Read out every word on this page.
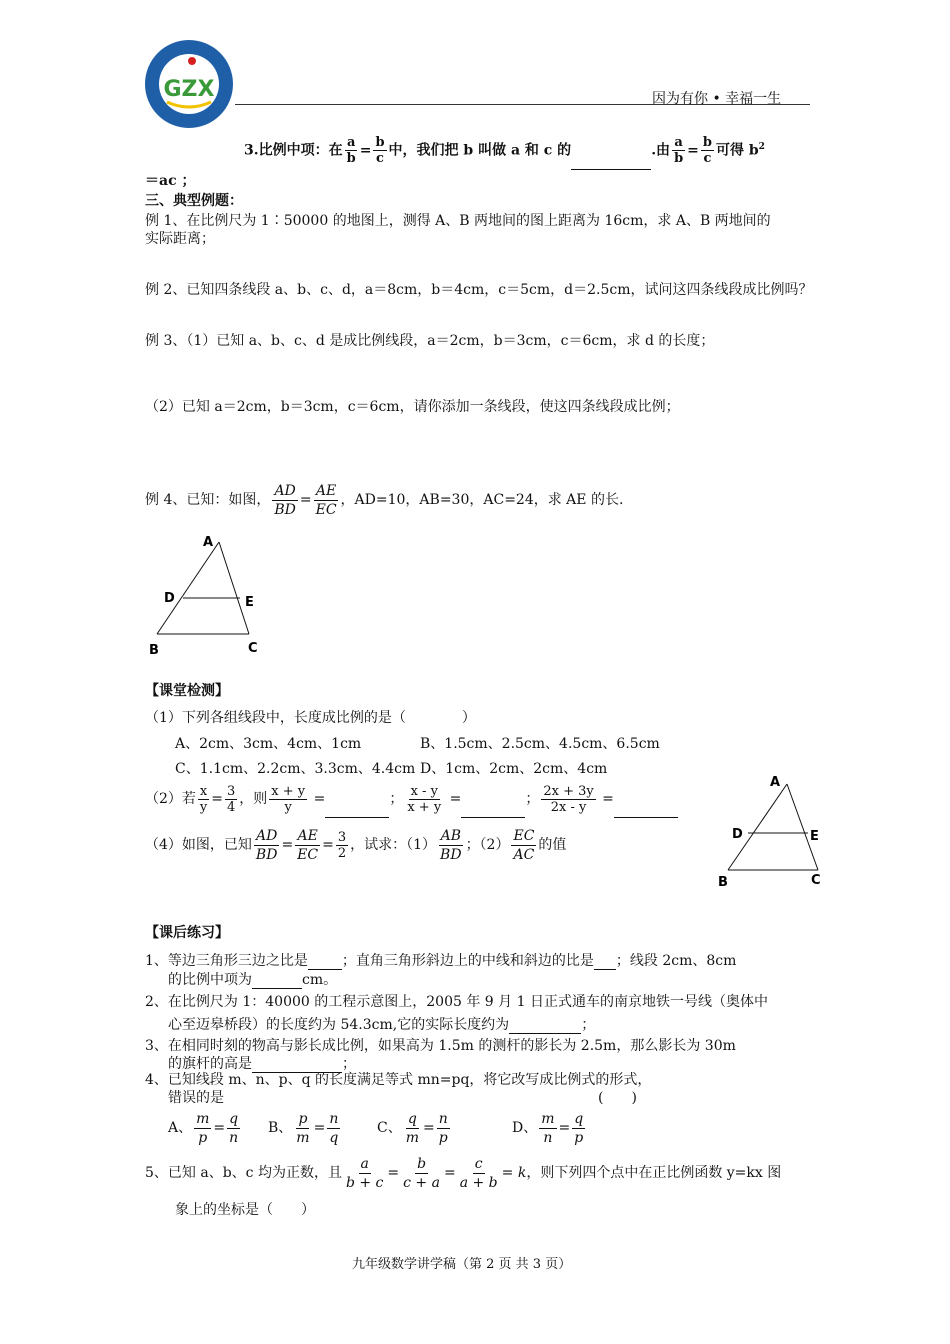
GZX	因为有你 • 幸福一生
3.比例中项：在 $\frac{a}{b} = \frac{b}{c}$ 中，我们把 b 叫做 a 和 c 的	.由 $\frac{a}{b} = \frac{b}{c}$ 可得 $b^2$
＝ac ；
三、典型例题：
例 1、在比例尺为 1∶50000 的地图上，测得 A、B 两地间的图上距离为 16cm，求 A、B 两地间的
实际距离；
例 2、已知四条线段 a、b、c、d，a＝8cm，b＝4cm，c＝5cm，d＝2.5cm，试问这四条线段成比例吗？
例 3、（1）已知 a、b、c、d 是成比例线段，a＝2cm，b＝3cm，c＝6cm，求 d 的长度；
（2）已知 a＝2cm，b＝3cm，c＝6cm，请你添加一条线段，使这四条线段成比例；
例 4、已知：如图， $\frac{AD}{BD} = \frac{AE}{EC}$ ，AD=10，AB=30，AC=24，求 AE 的长.
A
D	E
B	C
【课堂检测】
（1）下列各组线段中，长度成比例的是（　　　　）
A、2cm、3cm、4cm、1cm	B、1.5cm、2.5cm、4.5cm、6.5cm
C、1.1cm、2.2cm、3.3cm、4.4cm D、1cm、2cm、2cm、4cm
（2）若 $\frac{x}{y} = \frac{3}{4}$ ，则 $\frac{x + y}{y}$ =	； $\frac{x - y}{x + y}$ =	； $\frac{2x + 3y}{2x - y}$ =
（4）如图，已知 $\frac{AD}{BD} = \frac{AE}{EC} = \frac{3}{2}$ ，试求：$(1) \frac{AB}{BD}$ ；$(2) \frac{EC}{AC}$ 的值
A
D	E
B	C
【课后练习】
1、等边三角形三边之比是 ；直角三角形斜边上的中线和斜边的比是 ；线段 2cm、8cm
的比例中项为	cm。
2、在比例尺为 1：40000 的工程示意图上，2005 年 9 月 1 日正式通车的南京地铁一号线（奥体中
心至迈皋桥段）的长度约为 54.3cm,它的实际长度约为	；
3、在相同时刻的物高与影长成比例，如果高为 1.5m 的测杆的影长为 2.5m，那么影长为 30m
的旗杆的高是	；
4、已知线段 m、n、p、q 的长度满足等式 mn=pq，将它改写成比例式的形式，
错误的是	(　　)
A、 $\frac{m}{p} = \frac{q}{n}$ B、 $\frac{p}{m} = \frac{n}{q}$	C、 $\frac{q}{m} = \frac{n}{p}$	D、 $\frac{m}{n} = \frac{q}{p}$
5、已知 a、b、c 均为正数，且 $\frac{a}{b + c} = \frac{b}{c + a} = \frac{c}{a + b} = k$，则下列四个点中在正比例函数 y=kx 图
象上的坐标是（　　）
九年级数学讲学稿（第 2 页 共 3 页）
